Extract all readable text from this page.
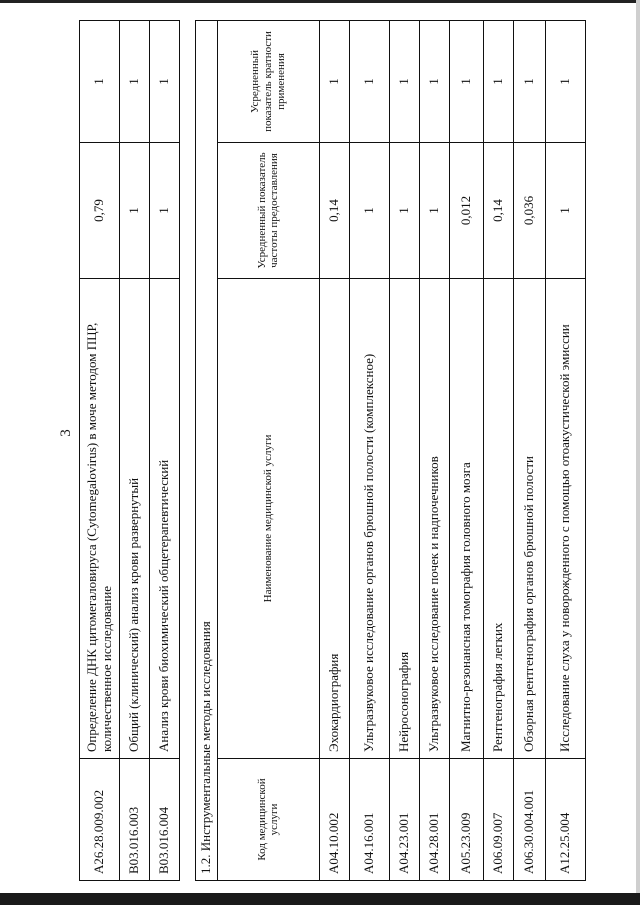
3
A26.28.009.002	Определение ДНК цитомегаловируса (Cytomegalovirus) в моче методом ПЦР, количественное исследование	0,79	1
B03.016.003	Общий (клинический) анализ крови развернутый	1	1
B03.016.004	Анализ крови биохимический общетерапевтический	1	1
1.2. Инструментальные методы исследования			
Код медицинской услуги	Наименование медицинской услуги	Усредненный показатель частоты предоставления	Усредненный показатель кратности применения
A04.10.002	Эхокардиография	0,14	1
A04.16.001	Ультразвуковое исследование органов брюшной полости (комплексное)	1	1
A04.23.001	Нейросонография	1	1
A04.28.001	Ультразвуковое исследование почек и надпочечников	1	1
A05.23.009	Магнитно-резонансная томография головного мозга	0,012	1
A06.09.007	Рентгенография легких	0,14	1
A06.30.004.001	Обзорная рентгенография органов брюшной полости	0,036	1
A12.25.004	Исследование слуха у новорожденного с помощью отоакустической эмиссии	1	1
